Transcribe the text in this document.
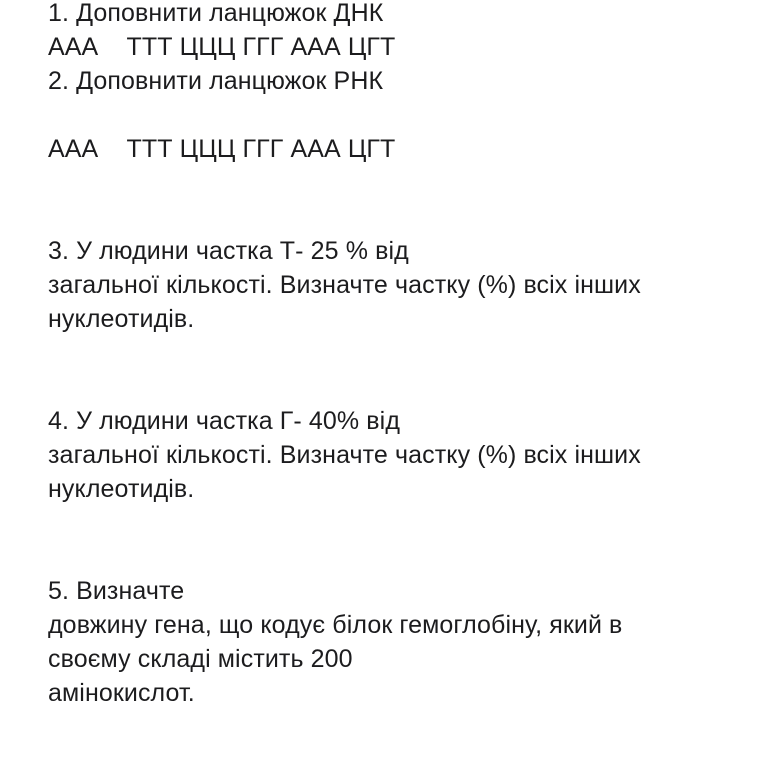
1. Доповнити ланцюжок ДНК
ААА    ТТТ ЦЦЦ ГГГ ААА ЦГТ
2. Доповнити ланцюжок РНК
ААА    ТТТ ЦЦЦ ГГГ ААА ЦГТ
3. У людини частка Т- 25 % від
загальної кількості. Визначте частку (%) всіх інших
нуклеотидів.
4. У людини частка Г- 40% від
загальної кількості. Визначте частку (%) всіх інших
нуклеотидів.
5. Визначте
довжину гена, що кодує білок гемоглобіну, який в
своєму складі містить 200
амінокислот.
